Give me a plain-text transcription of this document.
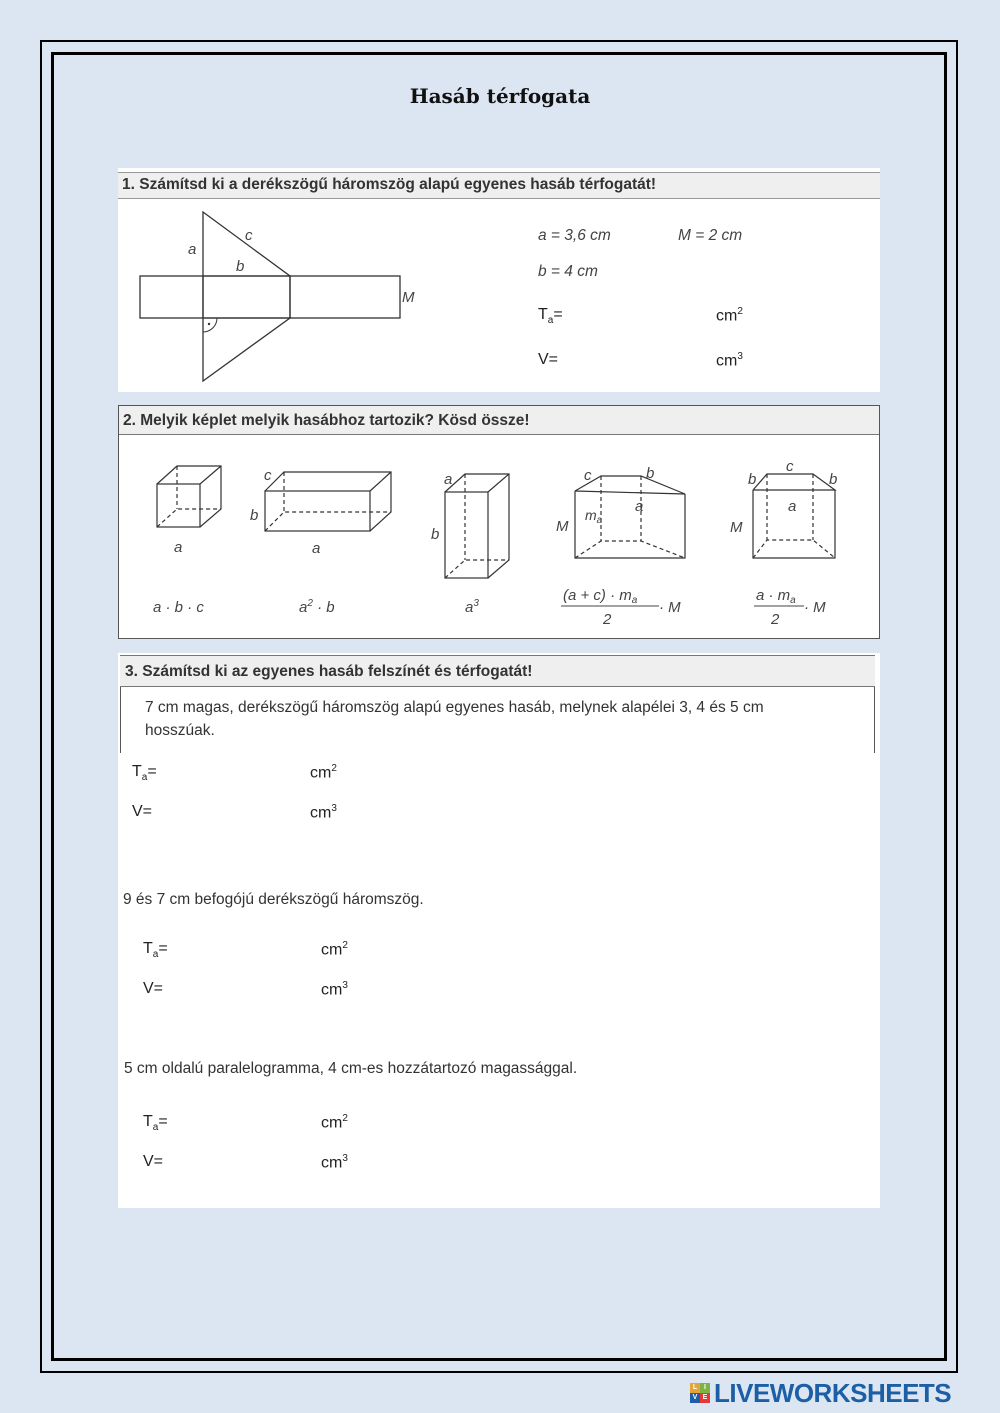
Hasáb térfogata
1. Számítsd ki a derékszögű háromszög alapú egyenes hasáb térfogatát!
a
b
c
M
a = 3,6 cm	M = 2 cm
b = 4 cm
$T_a=$	$cm^2$
V=	$cm^3$
2. Melyik képlet melyik hasábhoz tartozik? Kösd össze!
a
c
b
a
a
b
c	b
a
$m_a$
M
b
c
b
a
M
a · b · c	$a^2 \cdot b$	$a^3$	$(a + c) \cdot m_a$
2
· M
$a \cdot m_a$
2
· M
3. Számítsd ki az egyenes hasáb felszínét és térfogatát!
7 cm magas, derékszögű háromszög alapú egyenes hasáb, melynek alapélei 3, 4 és 5 cm
hosszúak.
$T_a=$	$cm^2$
V=	$cm^3$
9 és 7 cm befogójú derékszögű háromszög.
$T_a=$	$cm^2$
V=	$cm^3$
5 cm oldalú paralelogramma, 4 cm-es hozzátartozó magassággal.
$T_a=$	$cm^2$
V=	$cm^3$
L I
V E LIVEWORKSHEETS
